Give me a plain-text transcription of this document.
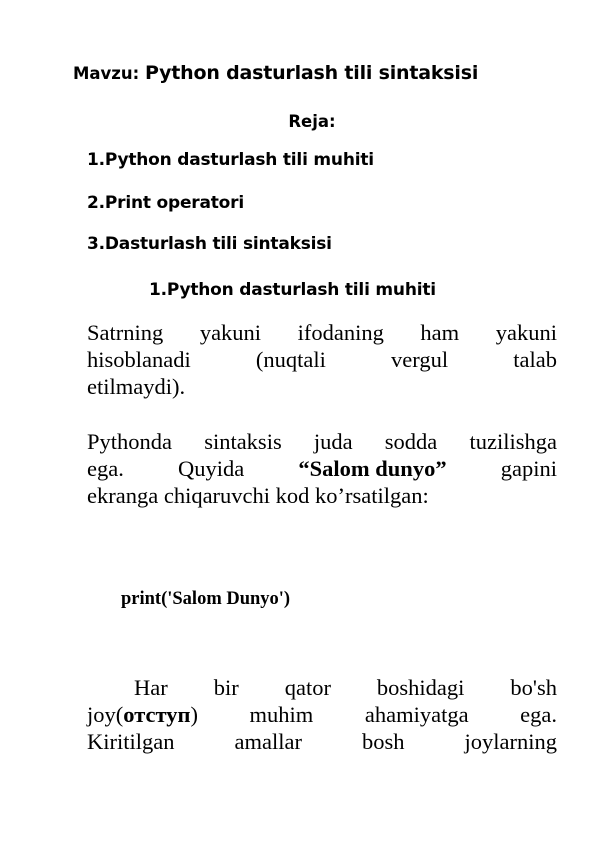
Mavzu: Python dasturlash tili sintaksisi
Reja:
1.Python dasturlash tili muhiti
2.Print operatori
3.Dasturlash tili sintaksisi
1.Python dasturlash tili muhiti
Satrning yakuni ifodaning ham yakuni
hisoblanadi	(nuqtali	vergul	talab
etilmaydi).
Pythonda sintaksis juda sodda tuzilishga
ega. Quyida “Salom dunyo” gapini
ekranga chiqaruvchi kod ko’rsatilgan:
print('Salom Dunyo')
Har bir qator boshidagi bo'sh
joy(отступ) muhim ahamiyatga ega.
Kiritilgan	amallar	bosh	joylarning
